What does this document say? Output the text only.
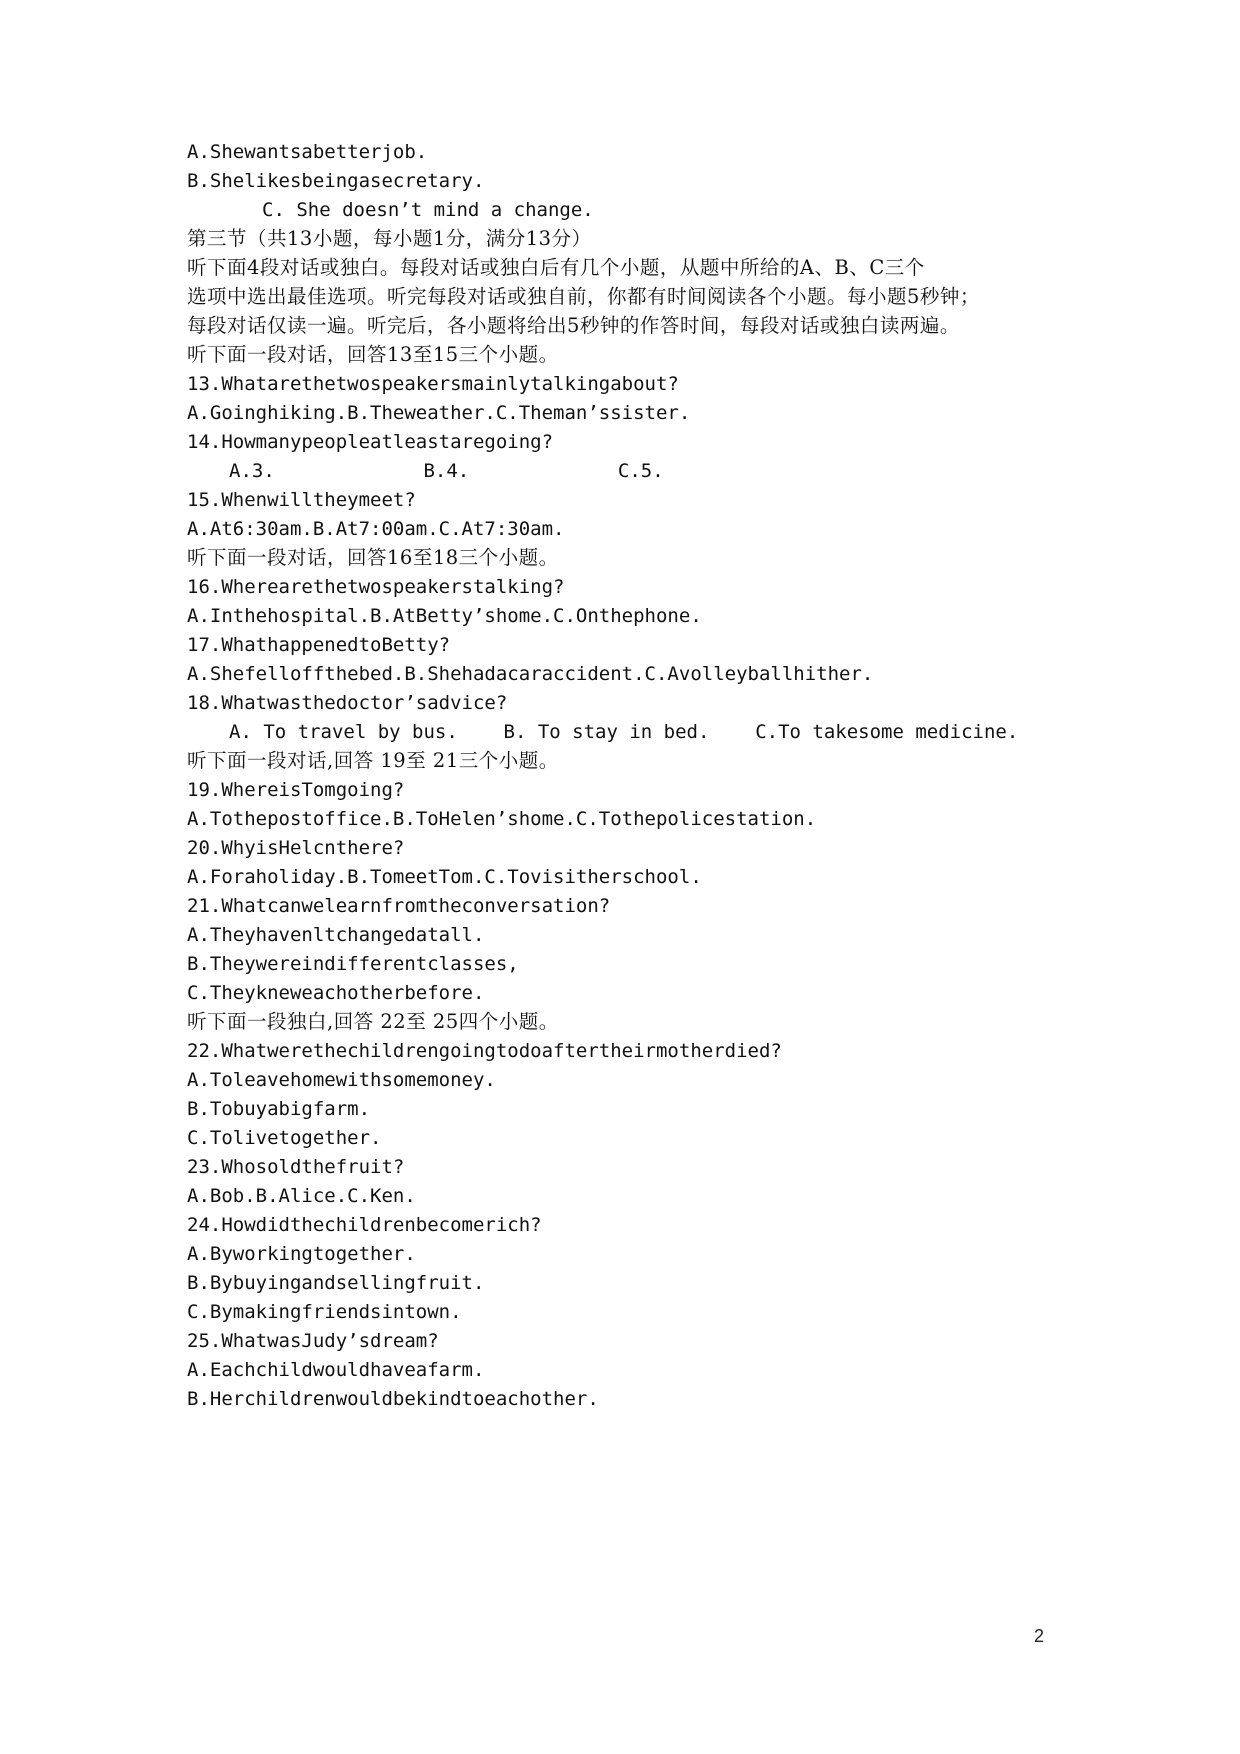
A.Shewantsabetterjob.
B.Shelikesbeingasecretary.
C. She doesn’t mind a change.
第三节（共13小题，每小题1分，满分13分）
听下面4段对话或独白。每段对话或独白后有几个小题，从题中所给的A、B、C三个
选项中选出最佳选项。听完每段对话或独自前，你都有时间阅读各个小题。每小题5秒钟；
每段对话仅读一遍。听完后，各小题将给出5秒钟的作答时间，每段对话或独白读两遍。
听下面一段对话，回答13至15三个小题。
13.Whatarethetwospeakersmainlytalkingabout?
A.Goinghiking.B.Theweather.C.Theman’ssister.
14.Howmanypeopleatleastaregoing?
A.3.             B.4.             C.5.
15.Whenwilltheymeet?
A.At6:30am.B.At7:00am.C.At7:30am.
听下面一段对话，回答16至18三个小题。
16.Wherearethetwospeakerstalking?
A.Inthehospital.B.AtBetty’shome.C.Onthephone.
17.WhathappenedtoBetty?
A.Shefelloffthebed.B.Shehadacaraccident.C.Avolleyballhither.
18.Whatwasthedoctor’sadvice?
A. To travel by bus.    B. To stay in bed.    C.To takesome medicine.
听下面一段对话,回答 19至 21三个小题。
19.WhereisTomgoing?
A.Tothepostoffice.B.ToHelen’shome.C.Tothepolicestation.
20.WhyisHelcnthere?
A.Foraholiday.B.TomeetTom.C.Tovisitherschool.
21.Whatcanwelearnfromtheconversation?
A.Theyhavenltchangedatall.
B.Theywereindifferentclasses,
C.Theykneweachotherbefore.
听下面一段独白,回答 22至 25四个小题。
22.Whatwerethechildrengoingtodoaftertheirmotherdied?
A.Toleavehomewithsomemoney.
B.Tobuyabigfarm.
C.Tolivetogether.
23.Whosoldthefruit?
A.Bob.B.Alice.C.Ken.
24.Howdidthechildrenbecomerich?
A.Byworkingtogether.
B.Bybuyingandsellingfruit.
C.Bymakingfriendsintown.
25.WhatwasJudy’sdream?
A.Eachchildwouldhaveafarm.
B.Herchildrenwouldbekindtoeachother.
2
